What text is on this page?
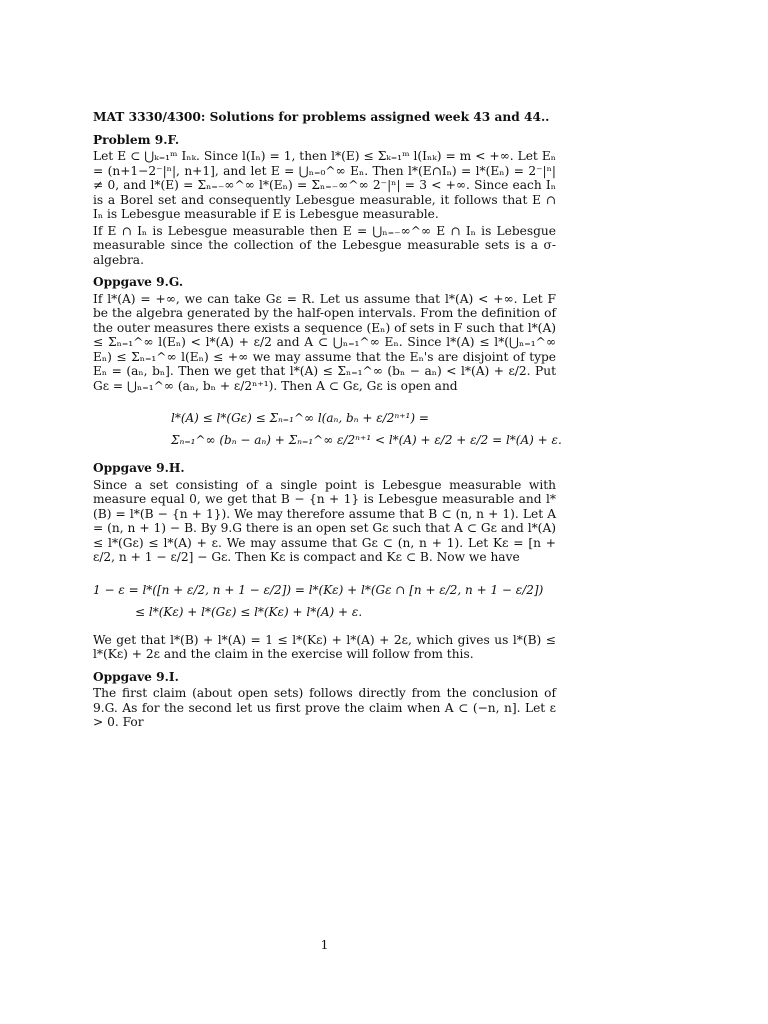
MAT 3330/4300: Solutions for problems assigned week 43 and 44..
Problem 9.F.

Let E ⊂ ⋃ₖ₌₁ᵐ Iₙₖ. Since l(Iₙ) = 1, then l*(E) ≤ Σₖ₌₁ᵐ l(Iₙₖ) = m < +∞. Let Eₙ = (n+1−2⁻|ⁿ|, n+1], and let E = ⋃ₙ₌₀^∞ Eₙ. Then l*(E∩Iₙ) = l*(Eₙ) = 2⁻|ⁿ| ≠ 0, and l*(E) = Σₙ₌₋∞^∞ l*(Eₙ) = Σₙ₌₋∞^∞ 2⁻|ⁿ| = 3 < +∞. Since each Iₙ is a Borel set and consequently Lebesgue measurable, it follows that E ∩ Iₙ is Lebesgue measurable if E is Lebesgue measurable.

If E ∩ Iₙ is Lebesgue measurable then E = ⋃ₙ₌₋∞^∞ E ∩ Iₙ is Lebesgue measurable since the collection of the Lebesgue measurable sets is a σ-algebra.

Oppgave 9.G.

If l*(A) = +∞, we can take Gε = R. Let us assume that l*(A) < +∞. Let F be the algebra generated by the half-open intervals. From the definition of the outer measures there exists a sequence (Eₙ) of sets in F such that l*(A) ≤ Σₙ₌₁^∞ l(Eₙ) < l*(A) + ε/2 and A ⊂ ⋃ₙ₌₁^∞ Eₙ. Since l*(A) ≤ l*(⋃ₙ₌₁^∞ Eₙ) ≤ Σₙ₌₁^∞ l(Eₙ) ≤ +∞ we may assume that the Eₙ's are disjoint of type Eₙ = (aₙ, bₙ]. Then we get that l*(A) ≤ Σₙ₌₁^∞ (bₙ − aₙ) < l*(A) + ε/2. Put Gε = ⋃ₙ₌₁^∞ (aₙ, bₙ + ε/2ⁿ⁺¹). Then A ⊂ Gε, Gε is open and

l*(A) ≤ l*(Gε) ≤ Σₙ₌₁^∞ l(aₙ, bₙ + ε/2ⁿ⁺¹) =
Σₙ₌₁^∞ (bₙ − aₙ) + Σₙ₌₁^∞ ε/2ⁿ⁺¹ < l*(A) + ε/2 + ε/2 = l*(A) + ε.
Oppgave 9.H.

Since a set consisting of a single point is Lebesgue measurable with measure equal 0, we get that B − {n + 1} is Lebesgue measurable and l*(B) = l*(B − {n + 1}). We may therefore assume that B ⊂ (n, n + 1). Let A = (n, n + 1) − B. By 9.G there is an open set Gε such that A ⊂ Gε and l*(A) ≤ l*(Gε) ≤ l*(A) + ε. We may assume that Gε ⊂ (n, n + 1). Let Kε = [n + ε/2, n + 1 − ε/2] − Gε. Then Kε is compact and Kε ⊂ B. Now we have

1 − ε = l*([n + ε/2, n + 1 − ε/2]) = l*(Kε) + l*(Gε ∩ [n + ε/2, n + 1 − ε/2])
≤ l*(Kε) + l*(Gε) ≤ l*(Kε) + l*(A) + ε.

We get that l*(B) + l*(A) = 1 ≤ l*(Kε) + l*(A) + 2ε, which gives us l*(B) ≤ l*(Kε) + 2ε and the claim in the exercise will follow from this.

Oppgave 9.I.

The first claim (about open sets) follows directly from the conclusion of 9.G. As for the second let us first prove the claim when A ⊂ (−n, n]. Let ε > 0. For

1
